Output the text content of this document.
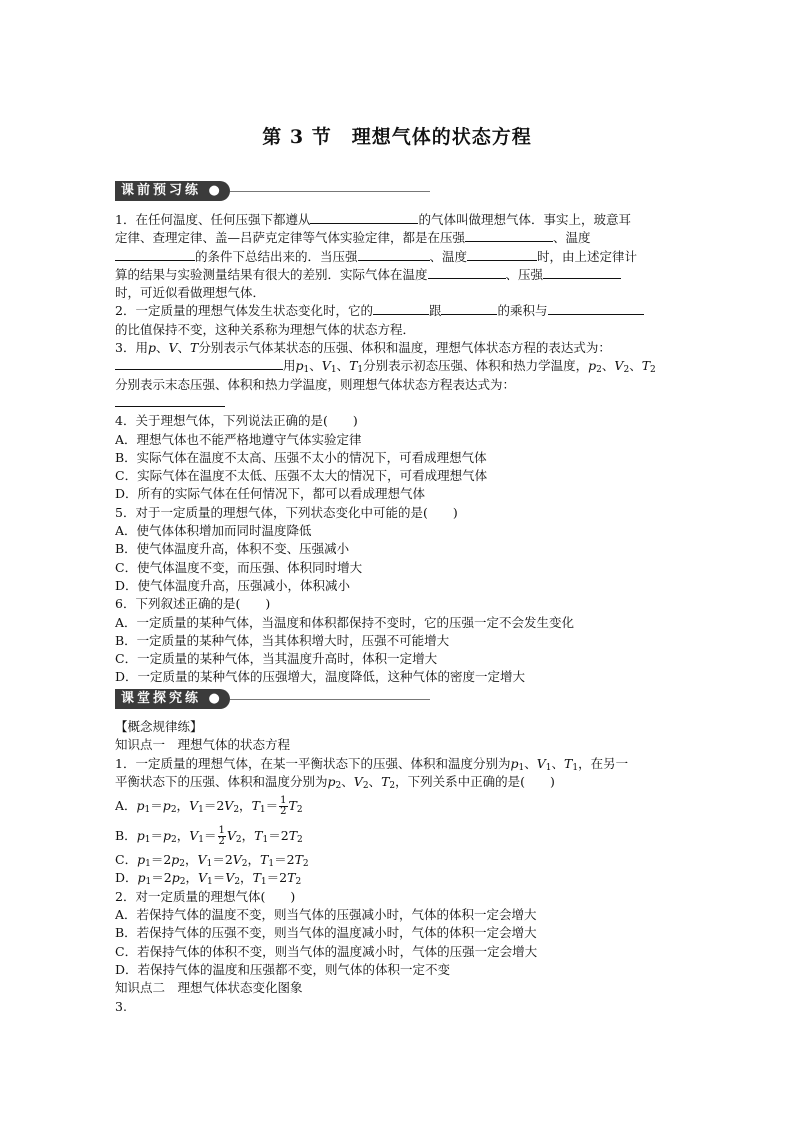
第 3 节　理想气体的状态方程
课前预习练 ●
1．在任何温度、任何压强下都遵从	的气体叫做理想气体．事实上，玻意耳
定律、查理定律、盖—吕萨克定律等气体实验定律，都是在压强	、温度
的条件下总结出来的．当压强	、温度	时，由上述定律计
算的结果与实验测量结果有很大的差别．实际气体在温度	、压强
时，可近似看做理想气体．
2．一定质量的理想气体发生状态变化时，它的	跟	的乘积与
的比值保持不变，这种关系称为理想气体的状态方程．
3．用p、V、T分别表示气体某状态的压强、体积和温度，理想气体状态方程的表达式为：
用$p_1$、$V_1$、$T_1$分别表示初态压强、体积和热力学温度，$p_2$、$V_2$、$T_2$
分别表示末态压强、体积和热力学温度，则理想气体状态方程表达式为：
4．关于理想气体，下列说法正确的是(　　)
A．理想气体也不能严格地遵守气体实验定律
B．实际气体在温度不太高、压强不太小的情况下，可看成理想气体
C．实际气体在温度不太低、压强不太大的情况下，可看成理想气体
D．所有的实际气体在任何情况下，都可以看成理想气体
5．对于一定质量的理想气体，下列状态变化中可能的是(　　)
A．使气体体积增加而同时温度降低
B．使气体温度升高，体积不变、压强减小
C．使气体温度不变，而压强、体积同时增大
D．使气体温度升高，压强减小，体积减小
6．下列叙述正确的是(　　)
A．一定质量的某种气体，当温度和体积都保持不变时，它的压强一定不会发生变化
B．一定质量的某种气体，当其体积增大时，压强不可能增大
C．一定质量的某种气体，当其温度升高时，体积一定增大
D．一定质量的某种气体的压强增大，温度降低，这种气体的密度一定增大
课堂探究练 ●
【概念规律练】
知识点一　理想气体的状态方程
1．一定质量的理想气体，在某一平衡状态下的压强、体积和温度分别为$p_1$、$V_1$、$T_1$，在另一
平衡状态下的压强、体积和温度分别为$p_2$、$V_2$、$T_2$，下列关系中正确的是(　　)
A．$p_1=p_2$，$V_1=2V_2$，$T_1= \frac{1}{2} T_2$
B．$p_1=p_2$，$V_1= \frac{1}{2} V_2$，$T_1=2T_2$
C．$p_1=2p_2$，$V_1=2V_2$，$T_1=2T_2$
D．$p_1=2p_2$，$V_1=V_2$，$T_1=2T_2$
2．对一定质量的理想气体(　　)
A．若保持气体的温度不变，则当气体的压强减小时，气体的体积一定会增大
B．若保持气体的压强不变，则当气体的温度减小时，气体的体积一定会增大
C．若保持气体的体积不变，则当气体的温度减小时，气体的压强一定会增大
D．若保持气体的温度和压强都不变，则气体的体积一定不变
知识点二　理想气体状态变化图象
3.
